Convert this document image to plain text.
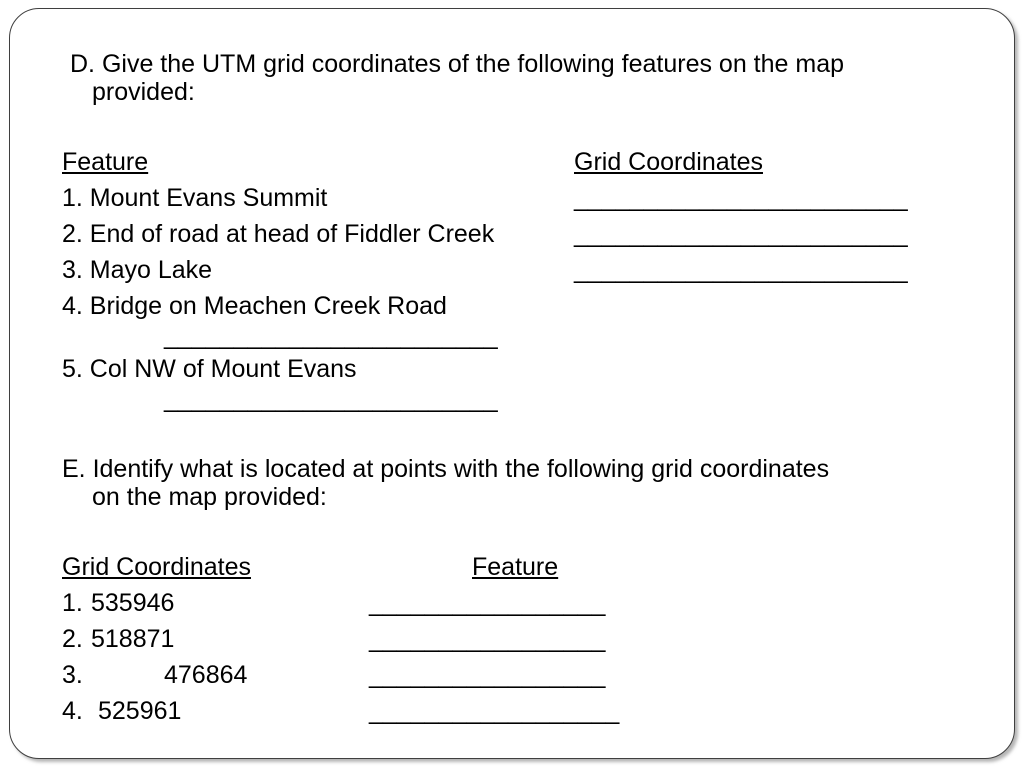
D. Give the UTM grid coordinates of the following features on the map
provided:
Feature	Grid Coordinates
1. Mount Evans Summit	________________________
2. End of road at head of Fiddler Creek	________________________
3. Mayo Lake	________________________
4. Bridge on Meachen Creek Road
________________________
5. Col NW of Mount Evans
________________________
E. Identify what is located at points with the following grid coordinates
on the map provided:
Grid Coordinates	Feature
1. 535946	_________________
2. 518871	_________________
3.	476864	_________________
4. 525961	__________________
